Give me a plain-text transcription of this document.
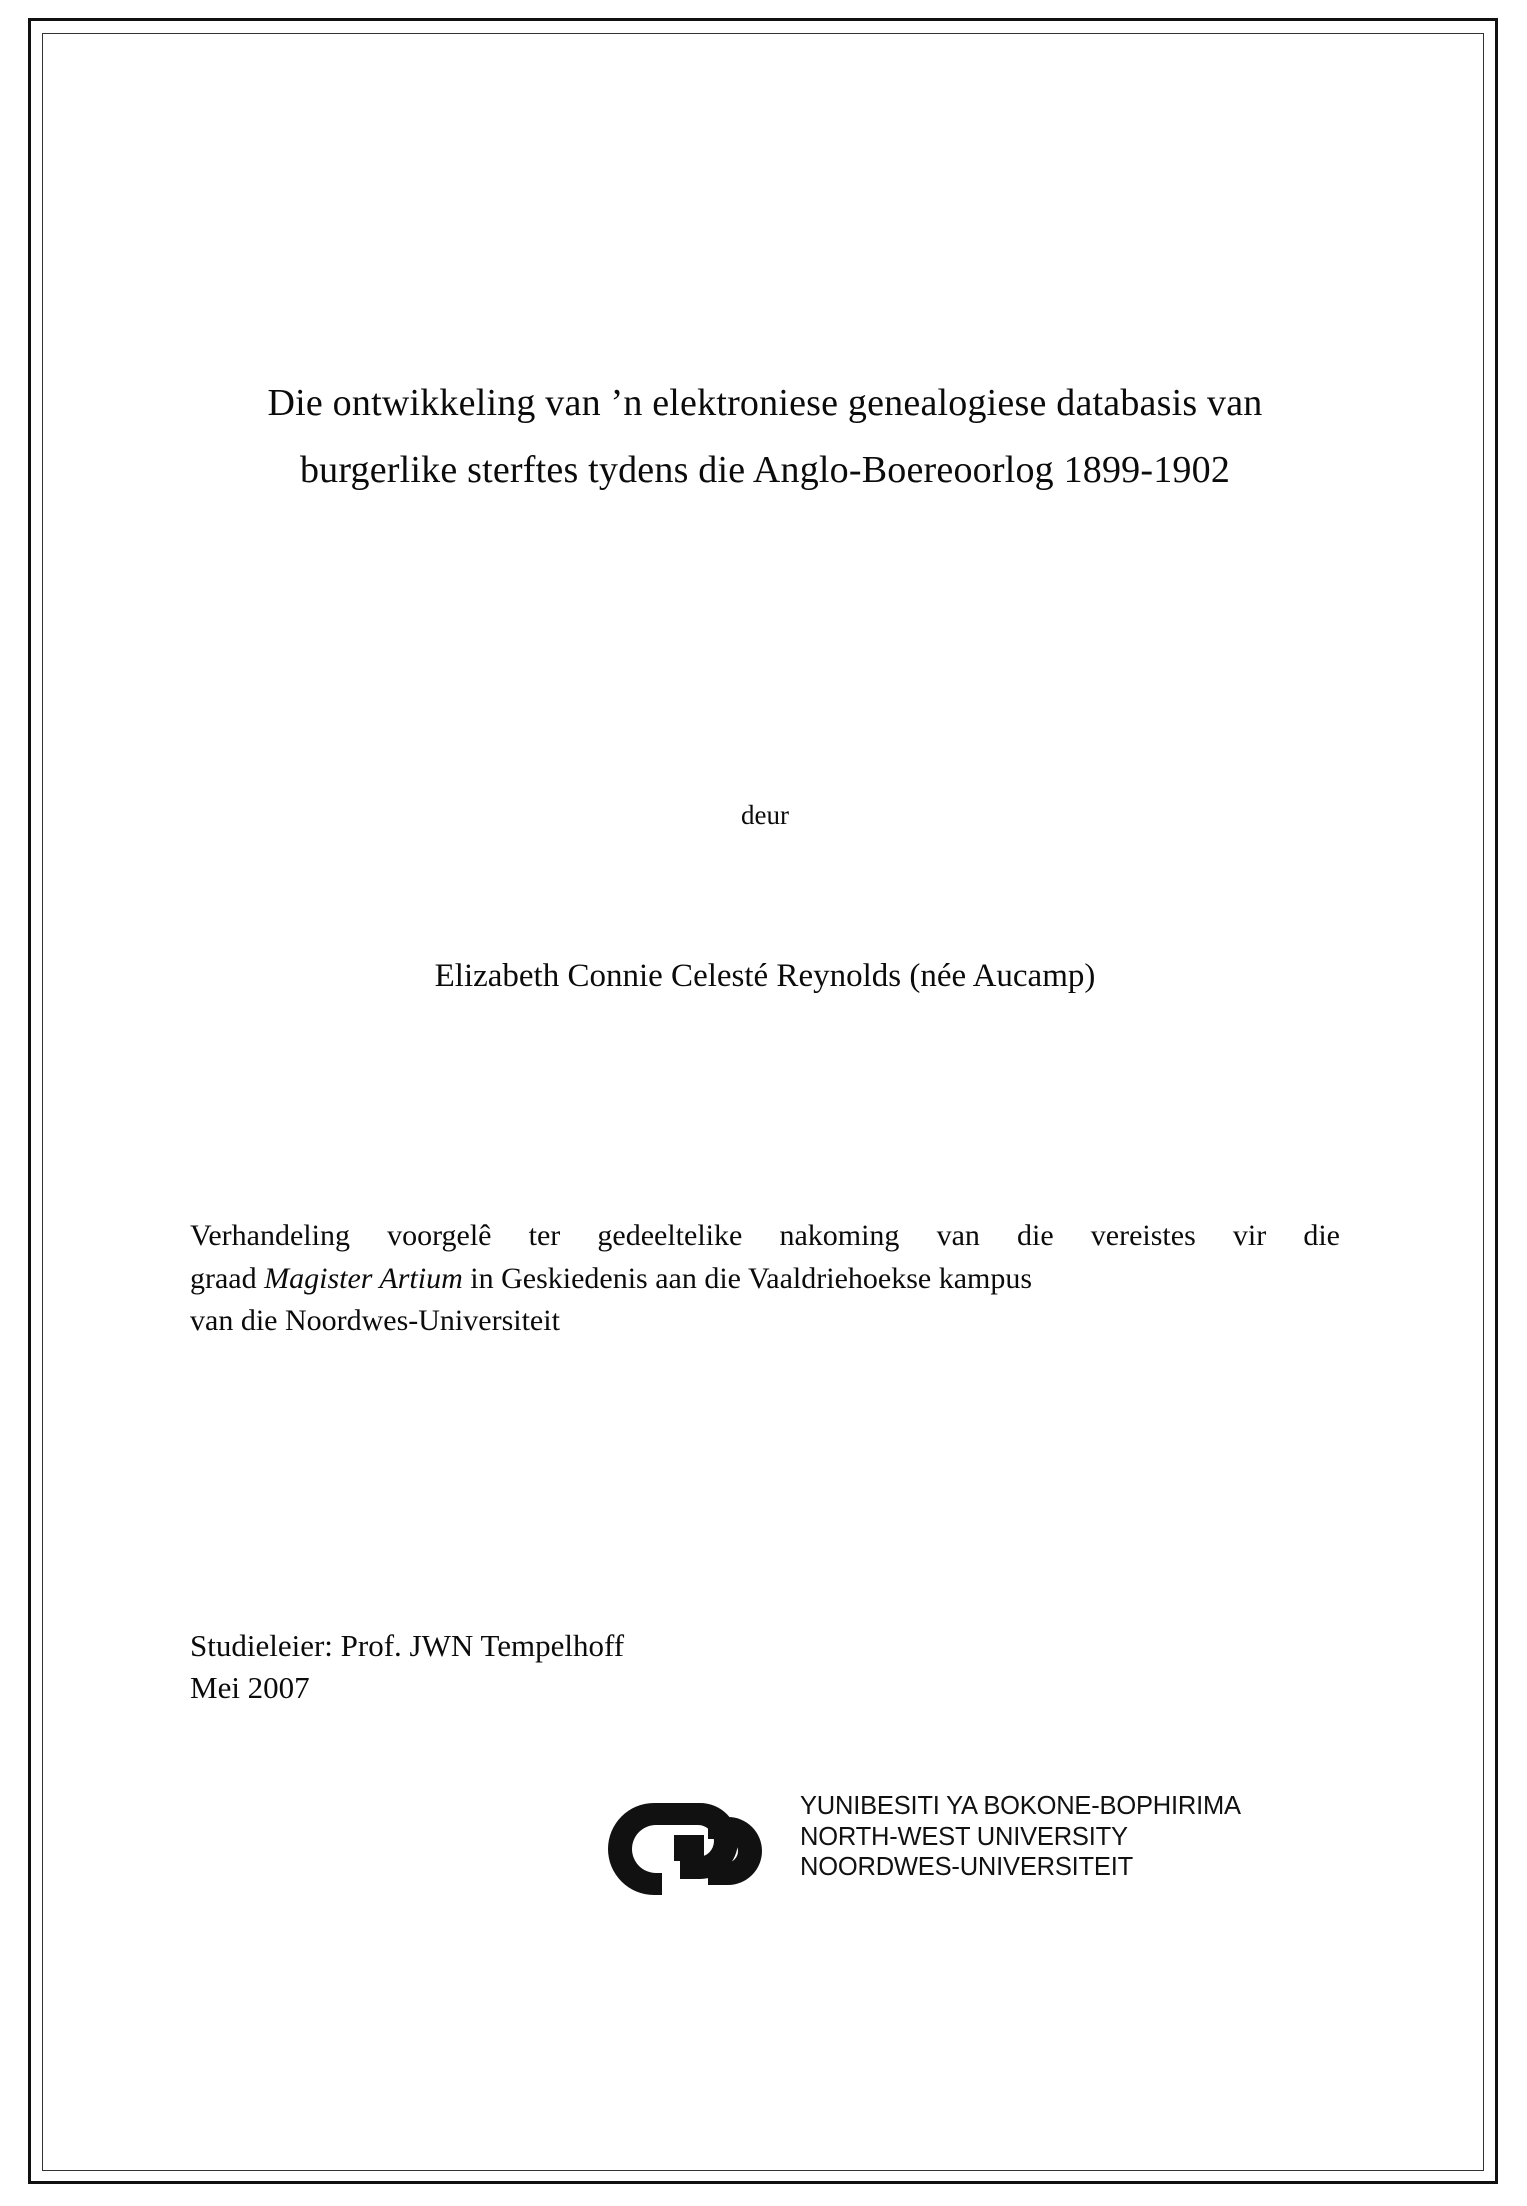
Die ontwikkeling van ’n elektroniese genealogiese databasis van
burgerlike sterftes tydens die Anglo-Boereoorlog 1899-1902
deur
Elizabeth Connie Celesté Reynolds (née Aucamp)
Verhandeling voorgelê ter gedeeltelike nakoming van die vereistes vir die
graad Magister Artium in Geskiedenis aan die Vaaldriehoekse kampus
van die Noordwes-Universiteit
Studieleier: Prof. JWN Tempelhoff
Mei 2007
YUNIBESITI YA BOKONE-BOPHIRIMA
NORTH-WEST UNIVERSITY
NOORDWES-UNIVERSITEIT
